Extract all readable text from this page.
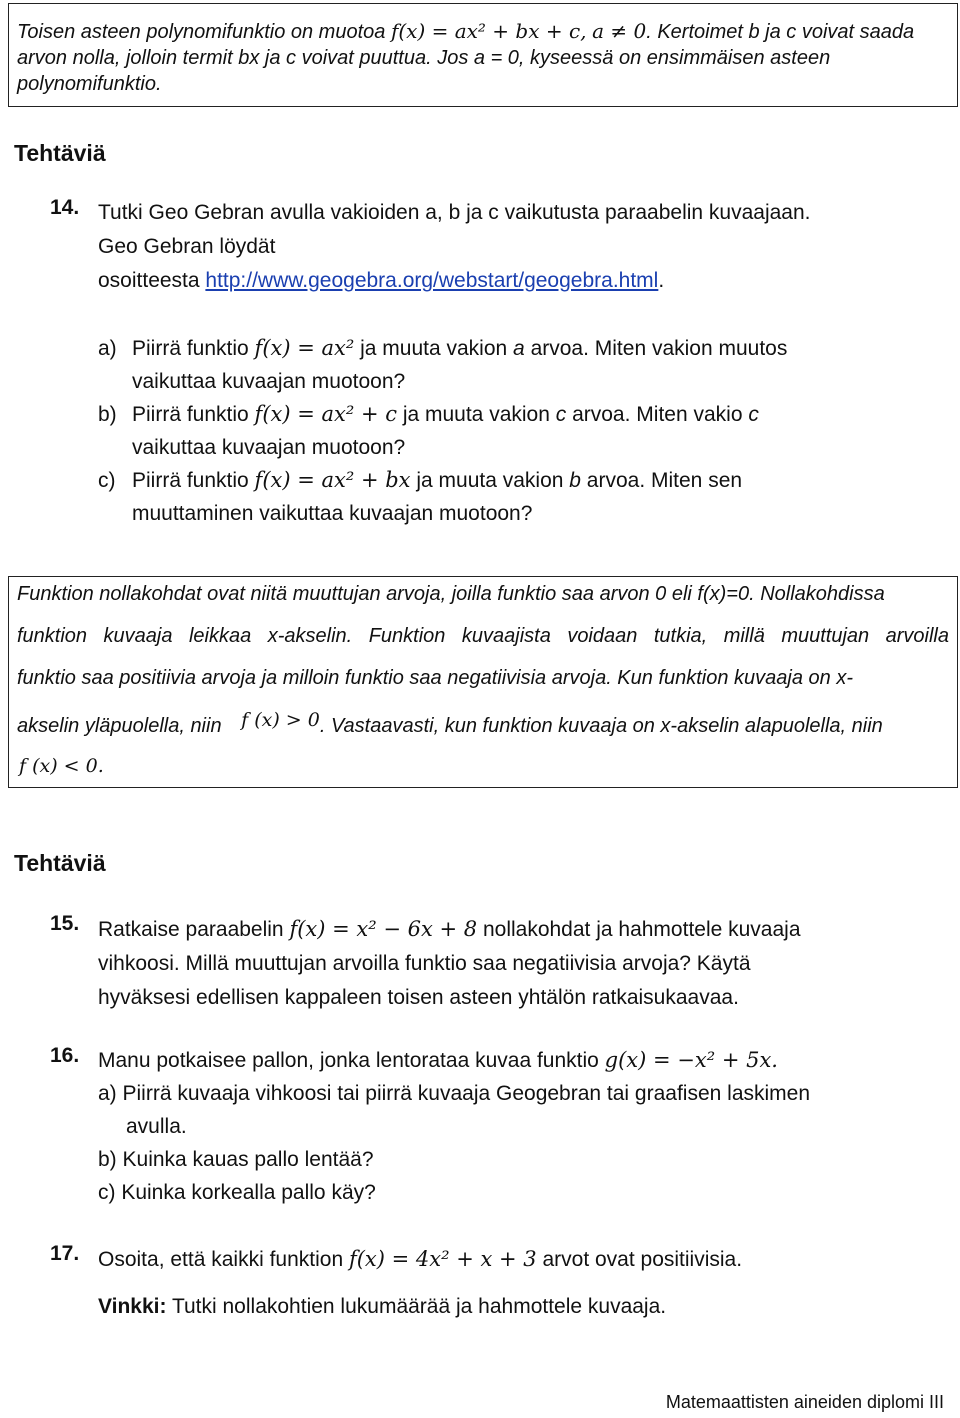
Toisen asteen polynomifunktio on muotoa f(x) = ax² + bx + c, a ≠ 0. Kertoimet b ja c voivat saada arvon nolla, jolloin termit bx ja c voivat puuttua. Jos a = 0, kyseessä on ensimmäisen asteen polynomifunktio.
Tehtäviä
14. Tutki Geo Gebran avulla vakioiden a, b ja c vaikutusta paraabelin kuvaajaan.
Geo Gebran löydät
osoitteesta http://www.geogebra.org/webstart/geogebra.html.
a) Piirrä funktio f(x) = ax² ja muuta vakion a arvoa. Miten vakion muutos
vaikuttaa kuvaajan muotoon?
b) Piirrä funktio f(x) = ax² + c ja muuta vakion c arvoa. Miten vakio c
vaikuttaa kuvaajan muotoon?
c) Piirrä funktio f(x) = ax² + bx ja muuta vakion b arvoa. Miten sen
muuttaminen vaikuttaa kuvaajan muotoon?
Funktion nollakohdat ovat niitä muuttujan arvoja, joilla funktio saa arvon 0 eli f(x)=0. Nollakohdissa
funktion kuvaaja leikkaa x-akselin. Funktion kuvaajista voidaan tutkia, millä muuttujan arvoilla
funktio saa positiivia arvoja ja milloin funktio saa negatiivisia arvoja. Kun funktion kuvaaja on x-
akselin yläpuolella, niin f (x) > 0. Vastaavasti, kun funktion kuvaaja on x-akselin alapuolella, niin
f (x) < 0.
Tehtäviä
15. Ratkaise paraabelin f(x) = x² − 6x + 8 nollakohdat ja hahmottele kuvaaja
vihkoosi. Millä muuttujan arvoilla funktio saa negatiivisia arvoja? Käytä
hyväksesi edellisen kappaleen toisen asteen yhtälön ratkaisukaavaa.
16. Manu potkaisee pallon, jonka lentorataa kuvaa funktio g(x) = −x² + 5x.
a) Piirrä kuvaaja vihkoosi tai piirrä kuvaaja Geogebran tai graafisen laskimen
avulla.
b) Kuinka kauas pallo lentää?
c) Kuinka korkealla pallo käy?
17. Osoita, että kaikki funktion f(x) = 4x² + x + 3 arvot ovat positiivisia.
Vinkki: Tutki nollakohtien lukumäärää ja hahmottele kuvaaja.
Matemaattisten aineiden diplomi III
